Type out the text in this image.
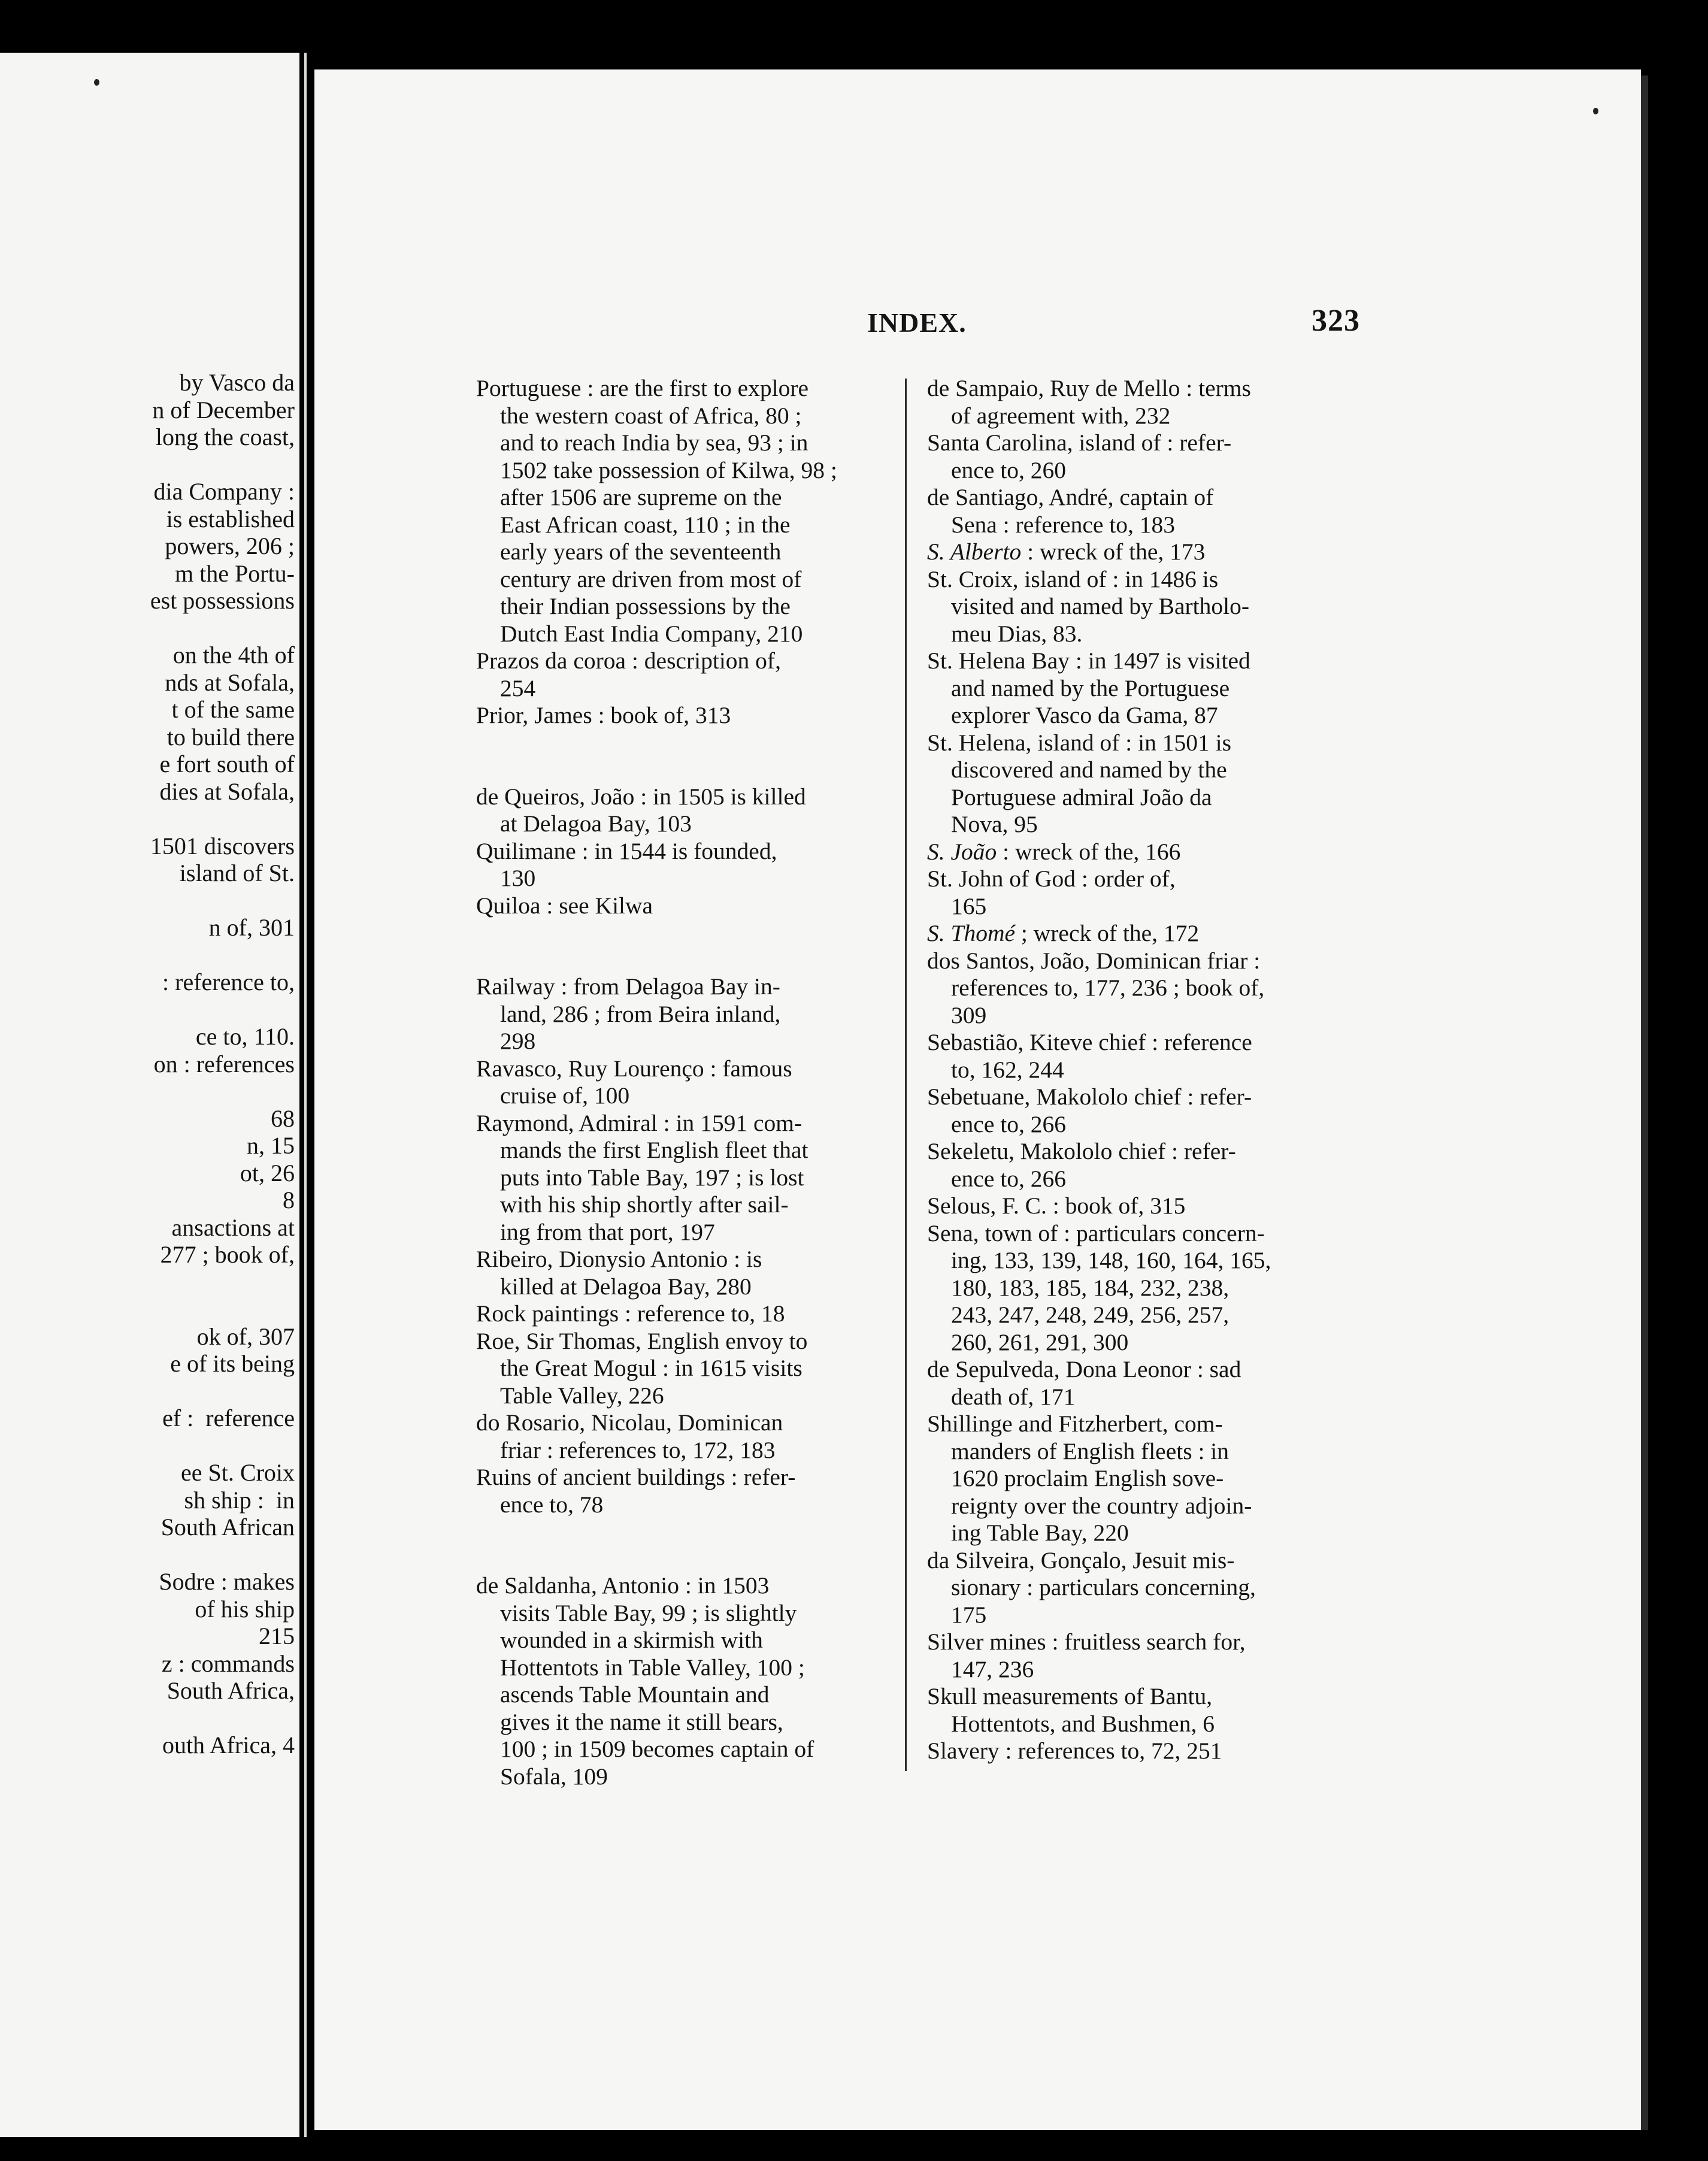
by Vasco da
n of December
long the coast,

dia Company :
is established
powers, 206 ;
m the Portu-
est possessions

on the 4th of
nds at Sofala,
t of the same
to build there
e fort south of
dies at Sofala,

1501 discovers
island of St.

n of, 301

: reference to,

ce to, 110.
on : references

68
n, 15
ot, 26
8
ansactions at
277 ; book of,

ok of, 307
e of its being

ef :  reference

ee St. Croix
sh ship :  in
South African

Sodre : makes
of his ship
215
z : commands
South Africa,

outh Africa, 4
INDEX.	323
Portuguese : are the first to explore
the western coast of Africa, 80 ;
and to reach India by sea, 93 ; in
1502 take possession of Kilwa, 98 ;
after 1506 are supreme on the
East African coast, 110 ; in the
early years of the seventeenth
century are driven from most of
their Indian possessions by the
Dutch East India Company, 210
Prazos da coroa : description of,
254
Prior, James : book of, 313
de Queiros, João : in 1505 is killed
at Delagoa Bay, 103
Quilimane : in 1544 is founded,
130
Quiloa : see Kilwa
Railway : from Delagoa Bay in-
land, 286 ; from Beira inland,
298
Ravasco, Ruy Lourenço : famous
cruise of, 100
Raymond, Admiral : in 1591 com-
mands the first English fleet that
puts into Table Bay, 197 ; is lost
with his ship shortly after sail-
ing from that port, 197
Ribeiro, Dionysio Antonio : is
killed at Delagoa Bay, 280
Rock paintings : reference to, 18
Roe, Sir Thomas, English envoy to
the Great Mogul : in 1615 visits
Table Valley, 226
do Rosario, Nicolau, Dominican
friar : references to, 172, 183
Ruins of ancient buildings : refer-
ence to, 78
de Saldanha, Antonio : in 1503
visits Table Bay, 99 ; is slightly
wounded in a skirmish with
Hottentots in Table Valley, 100 ;
ascends Table Mountain and
gives it the name it still bears,
100 ; in 1509 becomes captain of
Sofala, 109
de Sampaio, Ruy de Mello : terms
of agreement with, 232
Santa Carolina, island of : refer-
ence to, 260
de Santiago, André, captain of
Sena : reference to, 183
S. Alberto : wreck of the, 173
St. Croix, island of : in 1486 is
visited and named by Bartholo-
meu Dias, 83.
St. Helena Bay : in 1497 is visited
and named by the Portuguese
explorer Vasco da Gama, 87
St. Helena, island of : in 1501 is
discovered and named by the
Portuguese admiral João da
Nova, 95
S. João : wreck of the, 166
St. John of God : order of,
165
S. Thomé ; wreck of the, 172
dos Santos, João, Dominican friar :
references to, 177, 236 ; book of,
309
Sebastião, Kiteve chief : reference
to, 162, 244
Sebetuane, Makololo chief : refer-
ence to, 266
Sekeletu, Makololo chief : refer-
ence to, 266
Selous, F. C. : book of, 315
Sena, town of : particulars concern-
ing, 133, 139, 148, 160, 164, 165,
180, 183, 185, 184, 232, 238,
243, 247, 248, 249, 256, 257,
260, 261, 291, 300
de Sepulveda, Dona Leonor : sad
death of, 171
Shillinge and Fitzherbert, com-
manders of English fleets : in
1620 proclaim English sove-
reignty over the country adjoin-
ing Table Bay, 220
da Silveira, Gonçalo, Jesuit mis-
sionary : particulars concerning,
175
Silver mines : fruitless search for,
147, 236
Skull measurements of Bantu,
Hottentots, and Bushmen, 6
Slavery : references to, 72, 251
